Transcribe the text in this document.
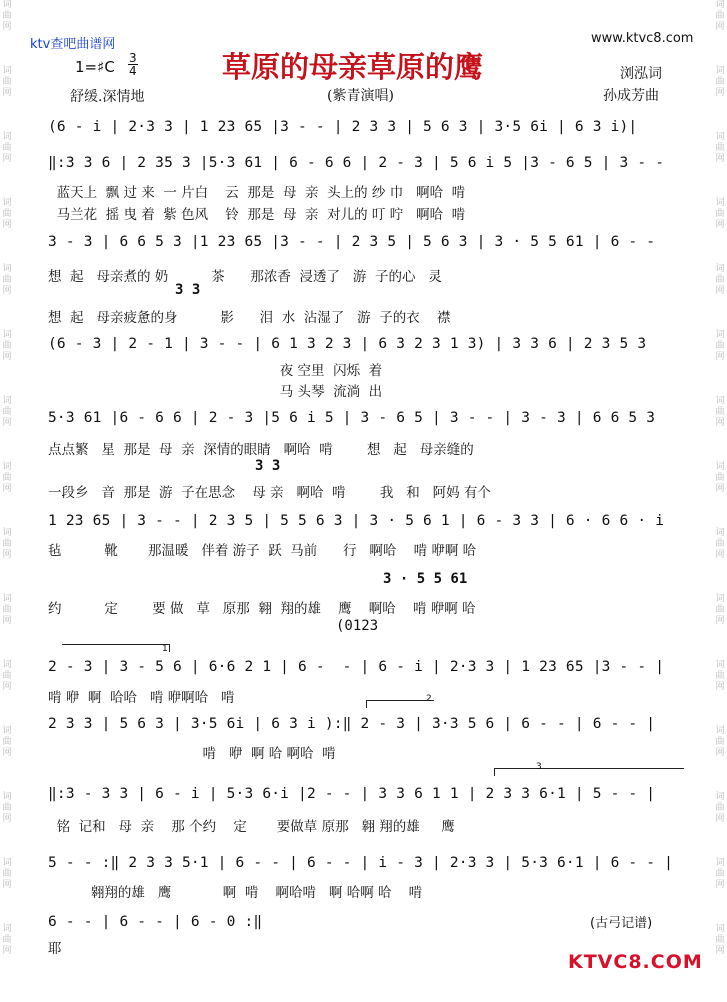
词
曲
网

词
曲
网

词
曲
网

词
曲
网

词
曲
网

词
曲
网

词
曲
网

词
曲
网

词
曲
网

词
曲
网

词
曲
网

词
曲
网

词
曲
网

词
曲
网

词
曲
网
词
曲
网

词
曲
网

词
曲
网

词
曲
网

词
曲
网

词
曲
网

词
曲
网

词
曲
网

词
曲
网

词
曲
网

词
曲
网

词
曲
网

词
曲
网

词
曲
网

词
曲
网
ktv查吧曲谱网	www.ktvc8.com
草原的母亲草原的鹰
1=♯C 3
4
舒缓.深情地	(紫青演唱)
浏泓词
孙成芳曲
(6 - i | 2·3 3 | 1 23 65 |3 - - | 2 3 3 | 5 6 3 | 3·5 6i | 6 3 i)|
‖:3 3 6 | 2 35 3 |5·3 61 | 6 - 6 6 | 2 - 3 | 5 6 i 5 |3 - 6 5 | 3 - -
蓝天上  飘 过 来  一 片白    云  那是  母  亲  头上的 纱 巾   啊哈  啃
马兰花  摇 曳 着  紫 色风    铃  那是  母  亲  对儿的 叮 咛   啊哈  啃
3 - 3 | 6 6 5 3 |1 23 65 |3 - - | 2 3 5 | 5 6 3 | 3 · 5 5 61 | 6 - -
想  起   母亲煮的 奶          茶      那浓香  浸透了   游  子的心   灵
3 3
想  起   母亲疲惫的身          影      泪  水  沾湿了   游  子的衣    襟
(6 - 3 | 2 - 1 | 3 - - | 6 1 3 2 3 | 6 3 2 3 1 3) | 3 3 6 | 2 3 5 3
夜 空里  闪烁  着
马 头琴  流淌  出
5·3 61 |6 - 6 6 | 2 - 3 |5 6 i 5 | 3 - 6 5 | 3 - - | 3 - 3 | 6 6 5 3
点点繁   星  那是  母  亲  深情的眼睛   啊哈  啃        想   起   母亲缝的
3 3
一段乡   音  那是  游  子在思念    母 亲   啊哈  啃        我   和   阿妈 有个
1 23 65 | 3 - - | 2 3 5 | 5 5 6 3 | 3 · 5 6 1 | 6 - 3 3 | 6 · 6 6 · i
毡          靴       那温暖   伴着 游子  跃  马前      行   啊哈    啃 咿啊 哈
3 · 5 5 61
约          定        要 做   草   原那  翱  翔的雄    鹰    啊哈    啃 咿啊 哈
(0123
1
2 - 3 | 3 - 5 6 | 6·6 2 1 | 6 -  - | 6 - i | 2·3 3 | 1 23 65 |3 - - |
啃 咿  啊  哈哈   啃 咿啊哈   啃	2
2 3 3 | 5 6 3 | 3·5 6i | 6 3 i ):‖ 2 - 3 | 3·3 5 6 | 6 - - | 6 - - |
啃   咿  啊 哈 啊哈  啃
3
‖:3 - 3 3 | 6 - i | 5·3 6·i |2 - - | 3 3 6 1 1 | 2 3 3 6·1 | 5 - - |
铭  记和   母  亲    那 个约    定       要做草 原那   翱 翔的雄     鹰
5 - - :‖ 2 3 3 5·1 | 6 - - | 6 - - | i - 3 | 2·3 3 | 5·3 6·1 | 6 - - |
翱翔的雄   鹰            啊  啃    啊哈啃   啊 哈啊 哈    啃
6 - - | 6 - - | 6 - 0 :‖
耶
(古弓记谱)
KTVC8.COM
